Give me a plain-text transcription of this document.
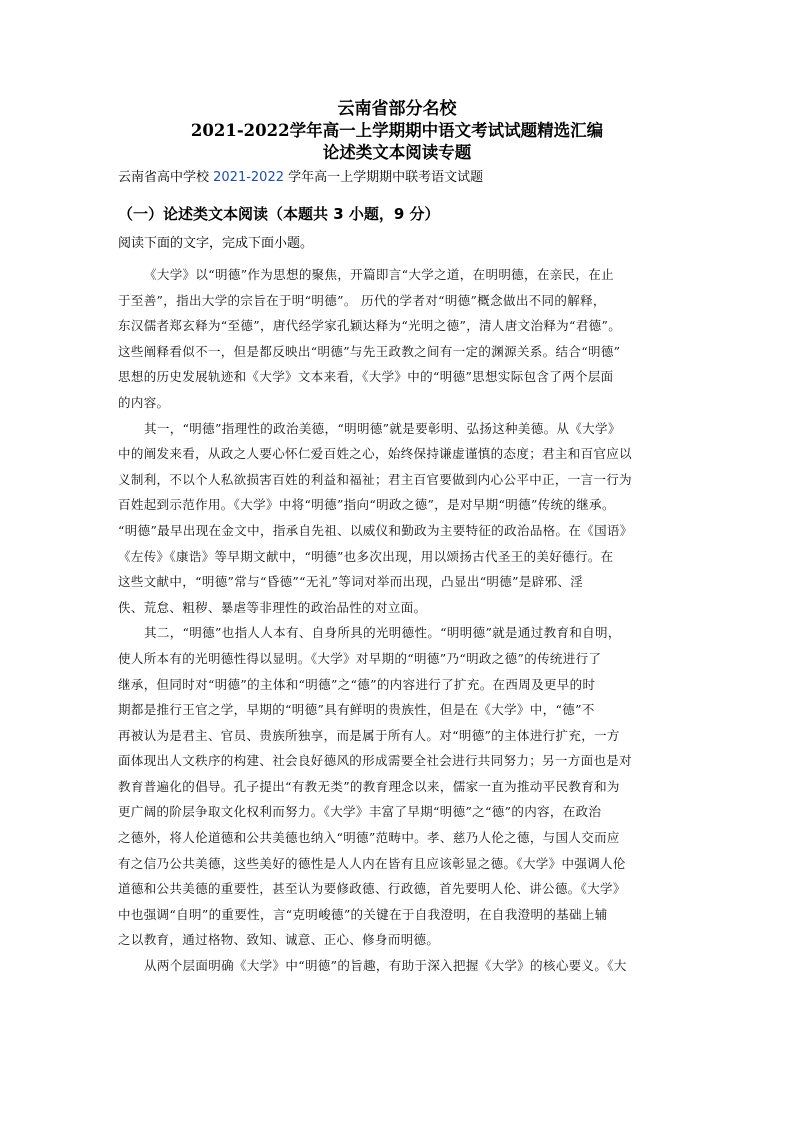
云南省部分名校

2021-2022学年高一上学期期中语文考试试题精选汇编

论述类文本阅读专题

云南省高中学校 2021-2022 学年高一上学期期中联考语文试题
（一）论述类文本阅读（本题共 3 小题，9 分）
阅读下面的文字，完成下面小题。
《大学》以“明德”作为思想的聚焦，开篇即言“大学之道，在明明德，在亲民，在止
于至善”，指出大学的宗旨在于明“明德”。 历代的学者对“明德”概念做出不同的解释，
东汉儒者郑玄释为“至德”，唐代经学家孔颖达释为“光明之德”，清人唐文治释为“君德”。
这些阐释看似不一，但是都反映出“明德”与先王政教之间有一定的渊源关系。结合“明德”
思想的历史发展轨迹和《大学》文本来看，《大学》中的“明德”思想实际包含了两个层面
的内容。
其一，“明德”指理性的政治美德，“明明德”就是要彰明、弘扬这种美德。从《大学》
中的阐发来看，从政之人要心怀仁爱百姓之心，始终保持谦虚谨慎的态度；君主和百官应以
义制利，不以个人私欲损害百姓的利益和福祉；君主百官要做到内心公平中正，一言一行为
百姓起到示范作用。《大学》中将“明德”指向“明政之德”，是对早期“明德”传统的继承。
“明德”最早出现在金文中，指承自先祖、以威仪和勤政为主要特征的政治品格。在《国语》
《左传》《康诰》等早期文献中，“明德”也多次出现，用以颂扬古代圣王的美好德行。在
这些文献中，“明德”常与“昏德”“无礼”等词对举而出现，凸显出“明德”是辟邪、淫
佚、荒怠、粗秽、暴虐等非理性的政治品性的对立面。
其二，“明德”也指人人本有、自身所具的光明德性。“明明德”就是通过教育和自明，
使人所本有的光明德性得以显明。《大学》对早期的“明德”乃“明政之德”的传统进行了
继承，但同时对“明德”的主体和“明德”之“德”的内容进行了扩充。在西周及更早的时
期都是推行王官之学，早期的“明德”具有鲜明的贵族性，但是在《大学》中，“德”不
再被认为是君主、官员、贵族所独享，而是属于所有人。对“明德”的主体进行扩充，一方
面体现出人文秩序的构建、社会良好德风的形成需要全社会进行共同努力；另一方面也是对
教育普遍化的倡导。孔子提出“有教无类”的教育理念以来，儒家一直为推动平民教育和为
更广阔的阶层争取文化权利而努力。《大学》丰富了早期“明德”之“德”的内容，在政治
之德外，将人伦道德和公共美德也纳入“明德”范畴中。孝、慈乃人伦之德，与国人交而应
有之信乃公共美德，这些美好的德性是人人内在皆有且应该彰显之德。《大学》中强调人伦
道德和公共美德的重要性，甚至认为要修政德、行政德，首先要明人伦、讲公德。《大学》
中也强调“自明”的重要性，言“克明峻德”的关键在于自我澄明，在自我澄明的基础上辅
之以教育，通过格物、致知、诚意、正心、修身而明德。
从两个层面明确《大学》中“明德”的旨趣，有助于深入把握《大学》的核心要义。《大
